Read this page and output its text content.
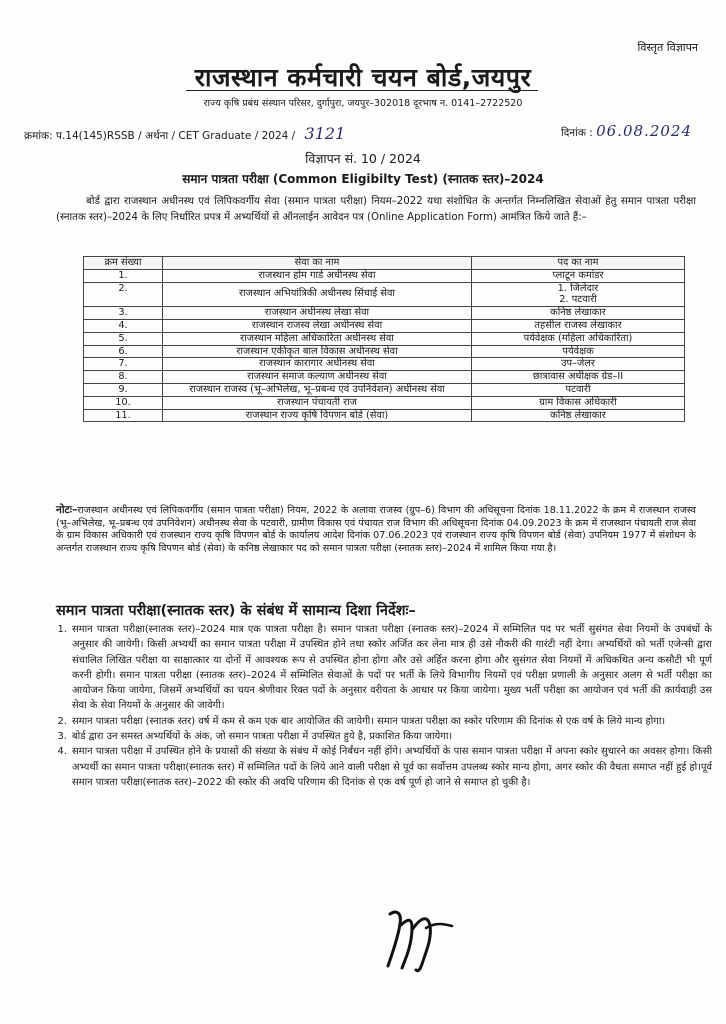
विस्तृत विज्ञापन
राजस्थान कर्मचारी चयन बोर्ड,जयपुर
राज्य कृषि प्रबंध संस्थान परिसर, दुर्गापुरा, जयपुर–302018 दूरभाष न. 0141–2722520
क्रमांक: प.14(145)RSSB / अर्थना / CET Graduate / 2024 / 3121	दिनांक : 06.08.2024
विज्ञापन सं. 10 / 2024
समान पात्रता परीक्षा (Common Eligibilty Test) (स्नातक स्तर)–2024
बोर्ड द्वारा राजस्थान अधीनस्थ एवं लिपिकवर्गीय सेवा (समान पात्रता परीक्षा) नियम–2022 यथा संशोधित के अन्तर्गत निम्नलिखित सेवाओं हेतु समान पात्रता परीक्षा (स्नातक स्तर)–2024 के लिए निर्धारित प्रपत्र में अभ्यर्थियों से ऑनलाईन आवेदन पत्र (Online Application Form) आमंत्रित किये जाते हैं:–
क्रम संख्या	सेवा का नाम	पद का नाम
1.	राजस्थान होम गार्ड अधीनस्थ सेवा	प्लाटून कमांडर
2.	राजस्थान अभियांत्रिकी अधीनस्थ सिंचाई सेवा	1. जिलेदार
2. पटवारी

3.	राजस्थान अधीनस्थ लेखा सेवा	कनिष्ठ लेखाकार
4.	राजस्थान राजस्व लेखा अधीनस्थ सेवा	तहसील राजस्व लेखाकार
5.	राजस्थान महिला अधिकारिता अधीनस्थ सेवा	पर्यवेक्षक (महिला अधिकारिता)
6.	राजस्थान एकीकृत बाल विकास अधीनस्थ सेवा	पर्यवेक्षक
7.	राजस्थान कारागार अधीनस्थ सेवा	उप–जेलर
8.	राजस्थान समाज कल्याण अधीनस्थ सेवा	छात्रावास अधीक्षक ग्रेड–II
9.	राजस्थान राजस्व (भू–अभिलेख, भू–प्रबन्ध एवं उपनिवेशन) अधीनस्थ सेवा	पटवारी
10.	राजस्थान पंचायती राज	ग्राम विकास अधिकारी
11.	राजस्थान राज्य कृषि विपणन बोर्ड (सेवा)	कनिष्ठ लेखाकार
नोटः–राजस्थान अधीनस्थ एवं लिपिकवर्गीय (समान पात्रता परीक्षा) नियम, 2022 के अलावा राजस्व (ग्रुप–6) विभाग की अधिसूचना दिनांक 18.11.2022 के क्रम में राजस्थान राजस्व (भू–अभिलेख, भू–प्रबन्ध एवं उपनिवेशन) अधीनस्थ सेवा के पटवारी, ग्रामीण विकास एवं पंचायत राज विभाग की अधिसूचना दिनांक 04.09.2023 के क्रम में राजस्थान पंचायती राज सेवा के ग्राम विकास अधिकारी एवं राजस्थान राज्य कृषि विपणन बोर्ड के कार्यालय आदेश दिनांक 07.06.2023 एवं राजस्थान राज्य कृषि विपणन बोर्ड (सेवा) उपनियम 1977 में संशोधन के अन्तर्गत राजस्थान राज्य कृषि विपणन बोर्ड (सेवा) के कनिष्ठ लेखाकार पद को समान पात्रता परीक्षा (स्नातक स्तर)–2024 में शामिल किया गया है।
समान पात्रता परीक्षा(स्नातक स्तर) के संबंध में सामान्य दिशा निर्देशः–
1. समान पात्रता परीक्षा(स्नातक स्तर)–2024 मात्र एक पात्रता परीक्षा है। समान पात्रता परीक्षा (स्नातक स्तर)–2024 में सम्मिलित पद पर भर्ती सुसंगत सेवा नियमों के उपबंधों के अनुसार की जायेगी। किसी अभ्यर्थी का समान पात्रता परीक्षा में उपस्थित होने तथा स्कोर अर्जित कर लेना मात्र ही उसे नौकरी की गारंटी नहीं देगा। अभ्यर्थियों को भर्ती एजेन्सी द्वारा संचालित लिखित परीक्षा या साक्षात्कार या दोनों में आवश्यक रूप से उपस्थित होना होगा और उसे अर्हित करना होगा और सुसंगत सेवा नियमों में अधिकथित अन्य कसौटी भी पूर्ण करनी होगी। समान पात्रता परीक्षा (स्नातक स्तर)–2024 में सम्मिलित सेवाओं के पदों पर भर्ती के लिये विभागीय नियमों एवं परीक्षा प्रणाली के अनुसार अलग से भर्ती परीक्षा का आयोजन किया जायेगा, जिसमें अभ्यर्थियों का चयन श्रेणीवार रिक्त पदों के अनुसार वरीयता के आधार पर किया जायेगा। मुख्य भर्ती परीक्षा का आयोजन एवं भर्ती की कार्यवाही उस सेवा के सेवा नियमों के अनुसार की जावेगी।
2. समान पात्रता परीक्षा (स्नातक स्तर) वर्ष में कम से कम एक बार आयोजित की जायेगी। समान पात्रता परीक्षा का स्कोर परिणाम की दिनांक से एक वर्ष के लिये मान्य होगा।
3. बोर्ड द्वारा उन समस्त अभ्यर्थियों के अंक, जो समान पात्रता परीक्षा में उपस्थित हुये है, प्रकाशित किया जायेगा।
4. समान पात्रता परीक्षा में उपस्थित होने के प्रयासों की संख्या के संबंध में कोई निर्बंधन नहीं होंगे। अभ्यर्थियों के पास समान पात्रता परीक्षा में अपना स्कोर सुधारने का अवसर होगा। किसी अभ्यर्थी का समान पात्रता परीक्षा(स्नातक स्तर) में सम्मिलित पदों के लिये आने वाली परीक्षा से पूर्व का सर्वोत्तम उपलब्ध स्कोर मान्य होगा, अगर स्कोर की वैधता समाप्त नहीं हुई हो।पूर्व समान पात्रता परीक्षा(स्नातक स्तर)–2022 की स्कोर की अवधि परिणाम की दिनांक से एक वर्ष पूर्ण हो जाने से समाप्त हो चुकी है।
